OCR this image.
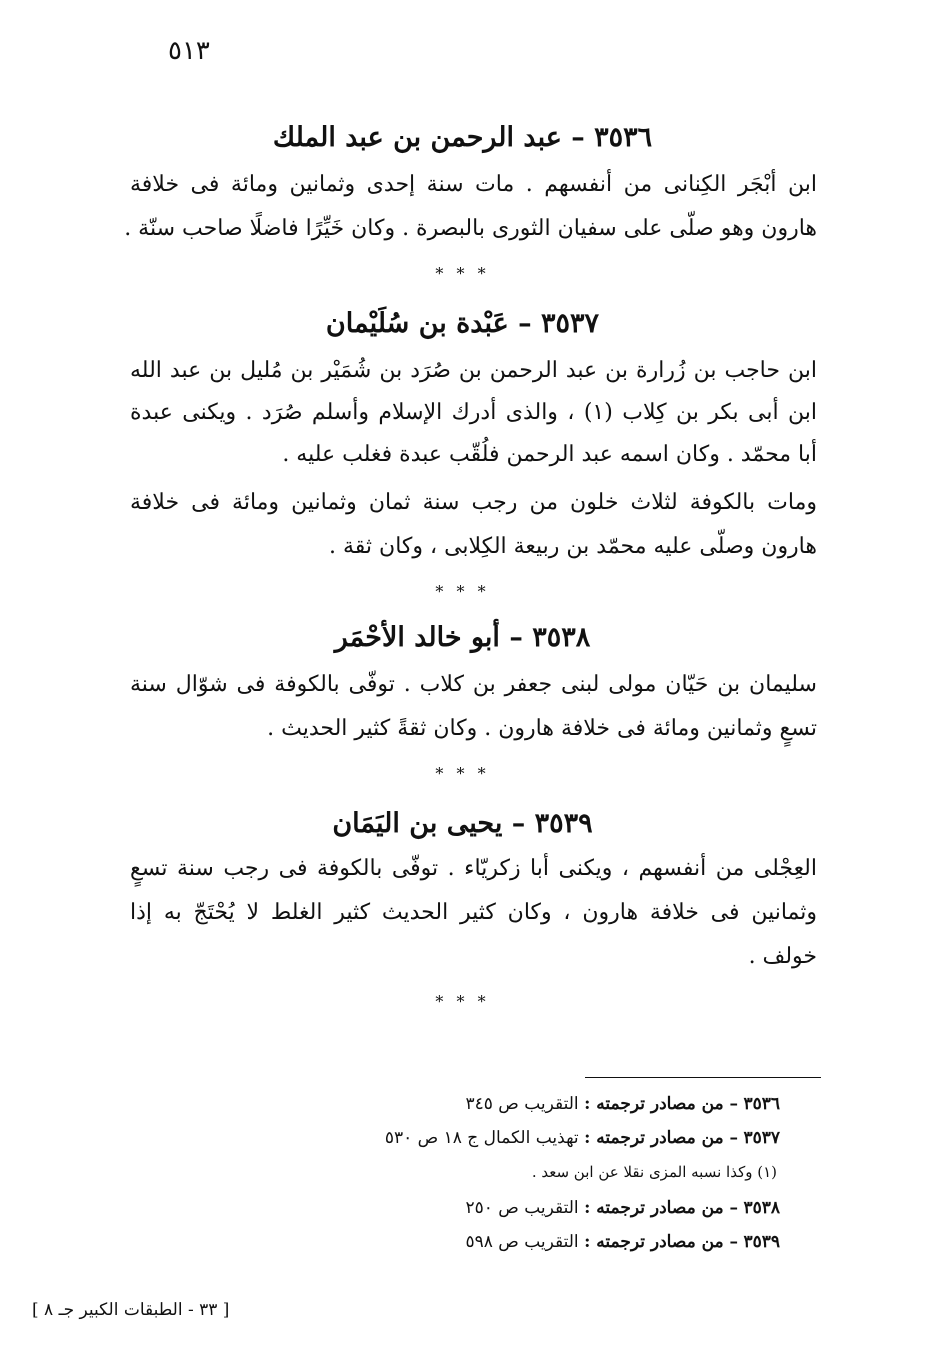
٥١٣
٣٥٣٦ – عبد الرحمن بن عبد الملك
ابن أبْجَر الكِنانى من أنفسهم . مات سنة إحدى وثمانين ومائة فى خلافة
هارون وهو صلّى على سفيان الثورى بالبصرة . وكان خَيِّرًا فاضلًا صاحب سنّة .
* * *
٣٥٣٧ – عَبْدة بن سُلَيْمان
ابن حاجب بن زُرارة بن عبد الرحمن بن صُرَد بن شُمَيْر بن مُليل بن عبد الله
ابن أبى بكر بن كِلاب (١) ، والذى أدرك الإسلام وأسلم صُرَد . ويكنى عبدة
أبا محمّد . وكان اسمه عبد الرحمن فلُقّب عبدة فغلب عليه .
ومات بالكوفة لثلاث خلون من رجب سنة ثمان وثمانين ومائة فى خلافة
هارون وصلّى عليه محمّد بن ربيعة الكِلابى ، وكان ثقة .
* * *
٣٥٣٨ – أبو خالد الأحْمَر
سليمان بن حَيّان مولى لبنى جعفر بن كلاب . توفّى بالكوفة فى شوّال سنة
تسعٍ وثمانين ومائة فى خلافة هارون . وكان ثقةً كثير الحديث .
* * *
٣٥٣٩ – يحيى بن اليَمَان
العِجْلى من أنفسهم ، ويكنى أبا زكريّاء . توفّى بالكوفة فى رجب سنة تسعٍ
وثمانين فى خلافة هارون ، وكان كثير الحديث كثير الغلط لا يُحْتَجّ به إذا
خولف .
* * *
٣٥٣٦ – من مصادر ترجمته : التقريب ص ٣٤٥
٣٥٣٧ – من مصادر ترجمته : تهذيب الكمال ج ١٨ ص ٥٣٠
(١) وكذا نسبه المزى نقلا عن ابن سعد .
٣٥٣٨ – من مصادر ترجمته : التقريب ص ٢٥٠
٣٥٣٩ – من مصادر ترجمته : التقريب ص ٥٩٨
[ ٣٣ - الطبقات الكبير جـ ٨ ]
